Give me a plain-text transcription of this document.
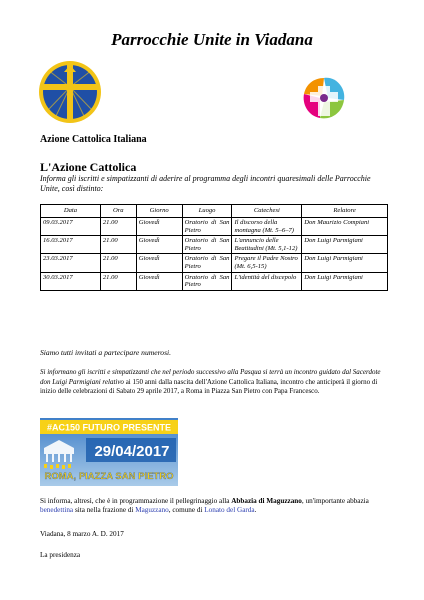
Parrocchie Unite in Viadana
Azione Cattolica Italiana
L'Azione Cattolica
Informa gli iscritti e simpatizzanti di aderire al programma degli incontri quaresimali delle Parrocchie Unite, così distinto:
Data	Ora	Giorno	Luogo	Catechesi	Relatore
09.03.2017	21.00	Giovedì	Oratorio di San Pietro	Il discorso della montagna (Mt. 5–6–7)	Don Maurizio Compiani
16.03.2017	21.00	Giovedì	Oratorio di San Pietro	L'annuncio delle Beatitudini (Mt. 5,1-12)	Don Luigi Parmigiani
23.03.2017	21.00	Giovedì	Oratorio di San Pietro	Pregare il Padre Nostro (Mt. 6,5-15)	Don Luigi Parmigiani
30.03.2017	21.00	Giovedì	Oratorio di San Pietro	L'identità del discepolo	Don Luigi Parmigiani
Siamo tutti invitati a partecipare numerosi.
Si informano gli iscritti e simpatizzanti che nel periodo successivo alla Pasqua si terrà un incontro guidato dal Sacerdote don Luigi Parmigiani relativo ai 150 anni dalla nascita dell'Azione Cattolica Italiana, incontro che anticiperà il giorno di inizio delle celebrazioni di Sabato 29 aprile 2017, a Roma in Piazza San Pietro con Papa Francesco.
#AC150 FUTURO PRESENTE
29/04/2017
ROMA, PIAZZA SAN PIETRO
Si informa, altresì, che è in programmazione il pellegrinaggio alla Abbazia di Maguzzano, un'importante abbazia benedettina sita nella frazione di Maguzzano, comune di Lonato del Garda.
Viadana, 8 marzo A. D. 2017
La presidenza
